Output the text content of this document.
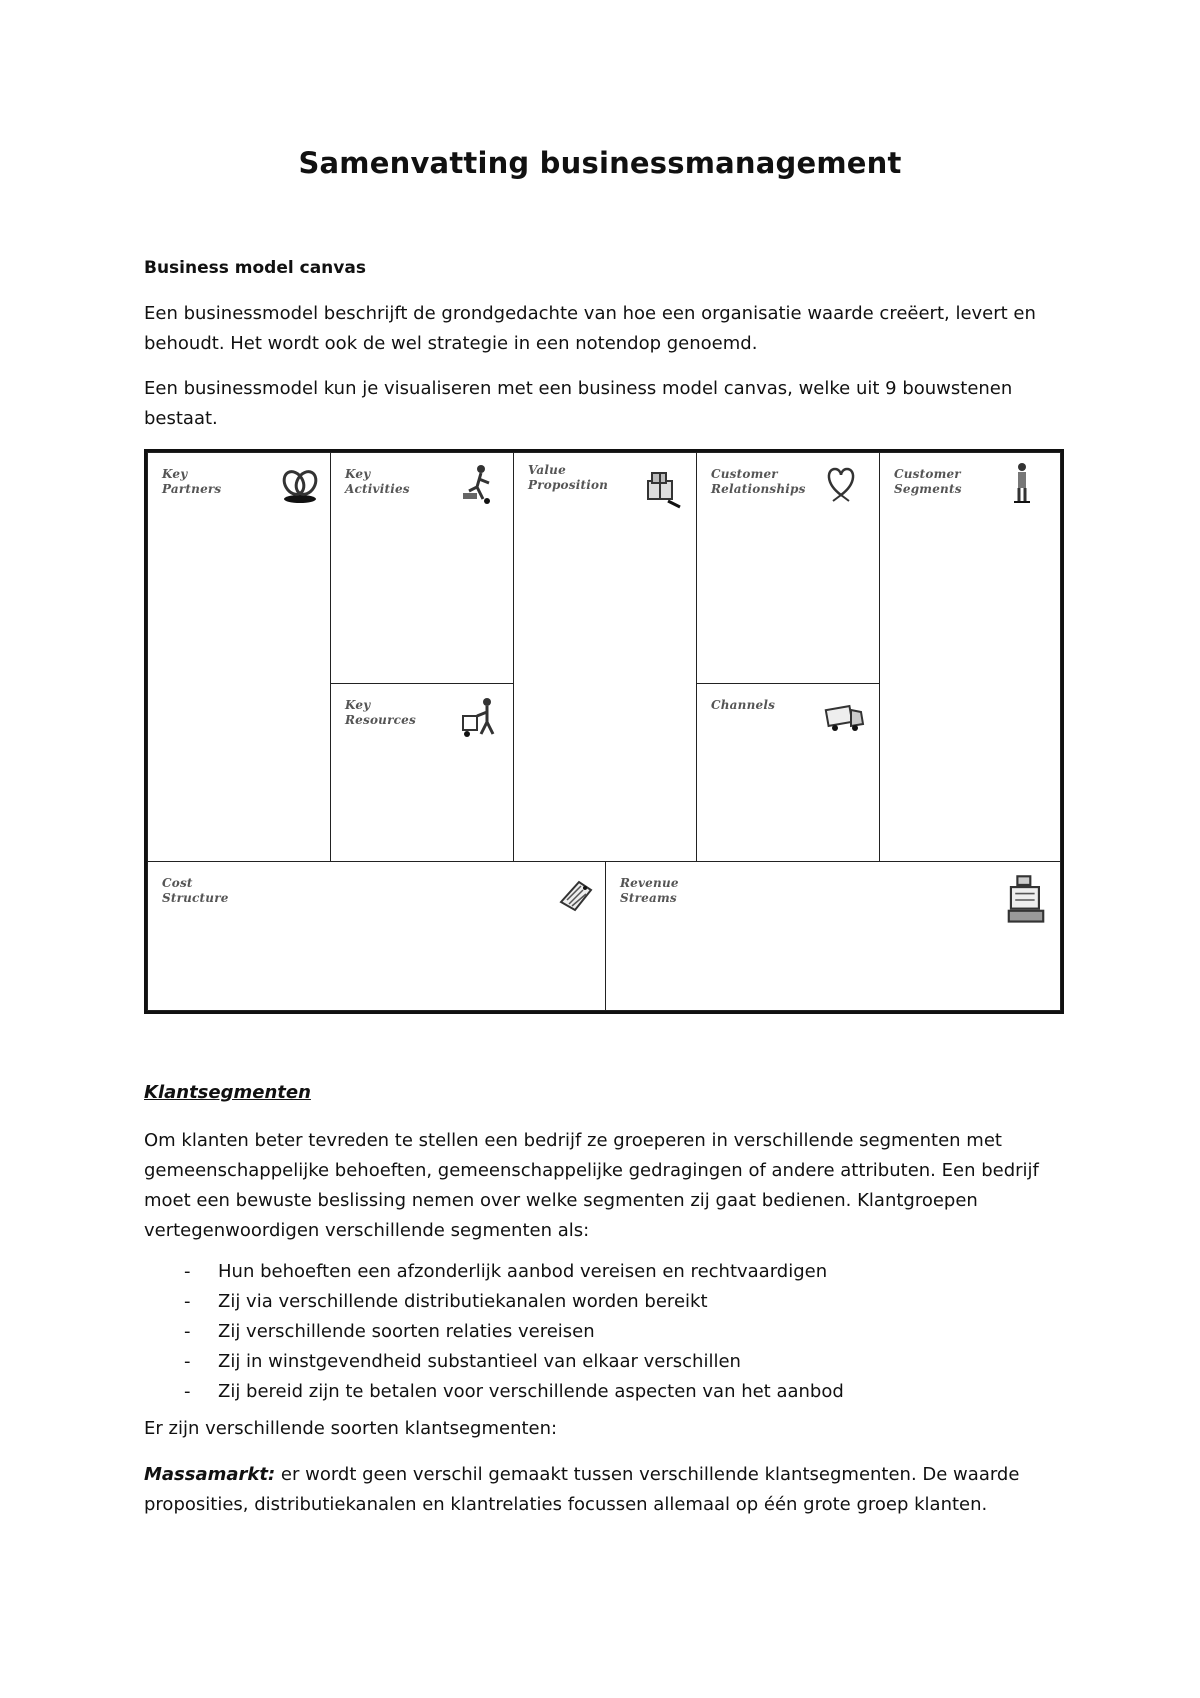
Samenvatting businessmanagement
Business model canvas

Een businessmodel beschrijft de grondgedachte van hoe een organisatie waarde creëert, levert en behoudt. Het wordt ook de wel strategie in een notendop genoemd.

Een businessmodel kun je visualiseren met een business model canvas, welke uit 9 bouwstenen bestaat.

Key
Partners
Key
Activities
Key
Resources
Value
Proposition
Customer
Relationships
Channels
Customer
Segments
Cost
Structure
Revenue
Streams
Klantsegmenten

Om klanten beter tevreden te stellen een bedrijf ze groeperen in verschillende segmenten met gemeenschappelijke behoeften, gemeenschappelijke gedragingen of andere attributen. Een bedrijf moet een bewuste beslissing nemen over welke segmenten zij gaat bedienen. Klantgroepen vertegenwoordigen verschillende segmenten als:

- Hun behoeften een afzonderlijk aanbod vereisen en rechtvaardigen
- Zij via verschillende distributiekanalen worden bereikt
- Zij verschillende soorten relaties vereisen
- Zij in winstgevendheid substantieel van elkaar verschillen
- Zij bereid zijn te betalen voor verschillende aspecten van het aanbod

Er zijn verschillende soorten klantsegmenten:

Massamarkt: er wordt geen verschil gemaakt tussen verschillende klantsegmenten. De waarde proposities, distributiekanalen en klantrelaties focussen allemaal op één grote groep klanten.
